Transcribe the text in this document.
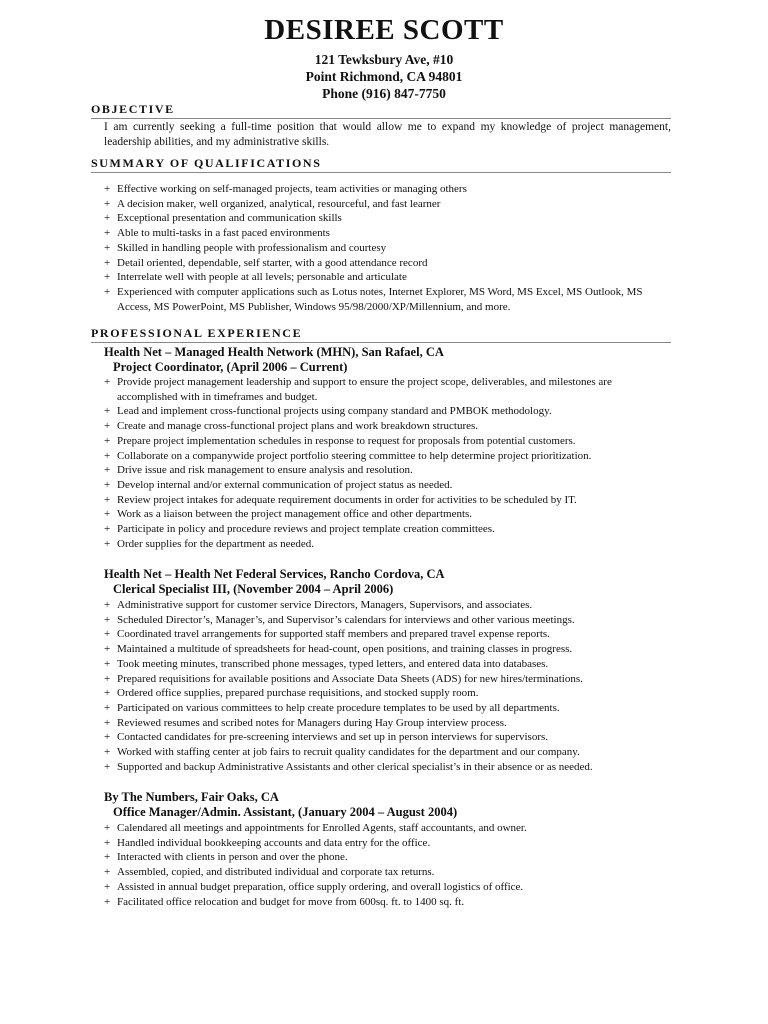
DESIREE SCOTT
121 Tewksbury Ave, #10
Point Richmond, CA 94801
Phone (916) 847-7750
OBJECTIVE
I am currently seeking a full-time position that would allow me to expand my knowledge of project management, leadership abilities, and my administrative skills.
SUMMARY OF QUALIFICATIONS
+ Effective working on self-managed projects, team activities or managing others
+ A decision maker, well organized, analytical, resourceful, and fast learner
+ Exceptional presentation and communication skills
+ Able to multi-tasks in a fast paced environments
+ Skilled in handling people with professionalism and courtesy
+ Detail oriented, dependable, self starter, with a good attendance record
+ Interrelate well with people at all levels; personable and articulate
+ Experienced with computer applications such as Lotus notes, Internet Explorer, MS Word, MS Excel, MS Outlook, MS Access, MS PowerPoint, MS Publisher, Windows 95/98/2000/XP/Millennium, and more.
PROFESSIONAL EXPERIENCE
Health Net – Managed Health Network (MHN), San Rafael, CA
Project Coordinator, (April 2006 – Current)
+ Provide project management leadership and support to ensure the project scope, deliverables, and milestones are accomplished with in timeframes and budget.
+ Lead and implement cross-functional projects using company standard and PMBOK methodology.
+ Create and manage cross-functional project plans and work breakdown structures.
+ Prepare project implementation schedules in response to request for proposals from potential customers.
+ Collaborate on a companywide project portfolio steering committee to help determine project prioritization.
+ Drive issue and risk management to ensure analysis and resolution.
+ Develop internal and/or external communication of project status as needed.
+ Review project intakes for adequate requirement documents in order for activities to be scheduled by IT.
+ Work as a liaison between the project management office and other departments.
+ Participate in policy and procedure reviews and project template creation committees.
+ Order supplies for the department as needed.
Health Net – Health Net Federal Services, Rancho Cordova, CA
Clerical Specialist III, (November 2004 – April 2006)
+ Administrative support for customer service Directors, Managers, Supervisors, and associates.
+ Scheduled Director’s, Manager’s, and Supervisor’s calendars for interviews and other various meetings.
+ Coordinated travel arrangements for supported staff members and prepared travel expense reports.
+ Maintained a multitude of spreadsheets for head-count, open positions, and training classes in progress.
+ Took meeting minutes, transcribed phone messages, typed letters, and entered data into databases.
+ Prepared requisitions for available positions and Associate Data Sheets (ADS) for new hires/terminations.
+ Ordered office supplies, prepared purchase requisitions, and stocked supply room.
+ Participated on various committees to help create procedure templates to be used by all departments.
+ Reviewed resumes and scribed notes for Managers during Hay Group interview process.
+ Contacted candidates for pre-screening interviews and set up in person interviews for supervisors.
+ Worked with staffing center at job fairs to recruit quality candidates for the department and our company.
+ Supported and backup Administrative Assistants and other clerical specialist’s in their absence or as needed.
By The Numbers, Fair Oaks, CA
Office Manager/Admin. Assistant, (January 2004 – August 2004)
+ Calendared all meetings and appointments for Enrolled Agents, staff accountants, and owner.
+ Handled individual bookkeeping accounts and data entry for the office.
+ Interacted with clients in person and over the phone.
+ Assembled, copied, and distributed individual and corporate tax returns.
+ Assisted in annual budget preparation, office supply ordering, and overall logistics of office.
+ Facilitated office relocation and budget for move from 600sq. ft. to 1400 sq. ft.
